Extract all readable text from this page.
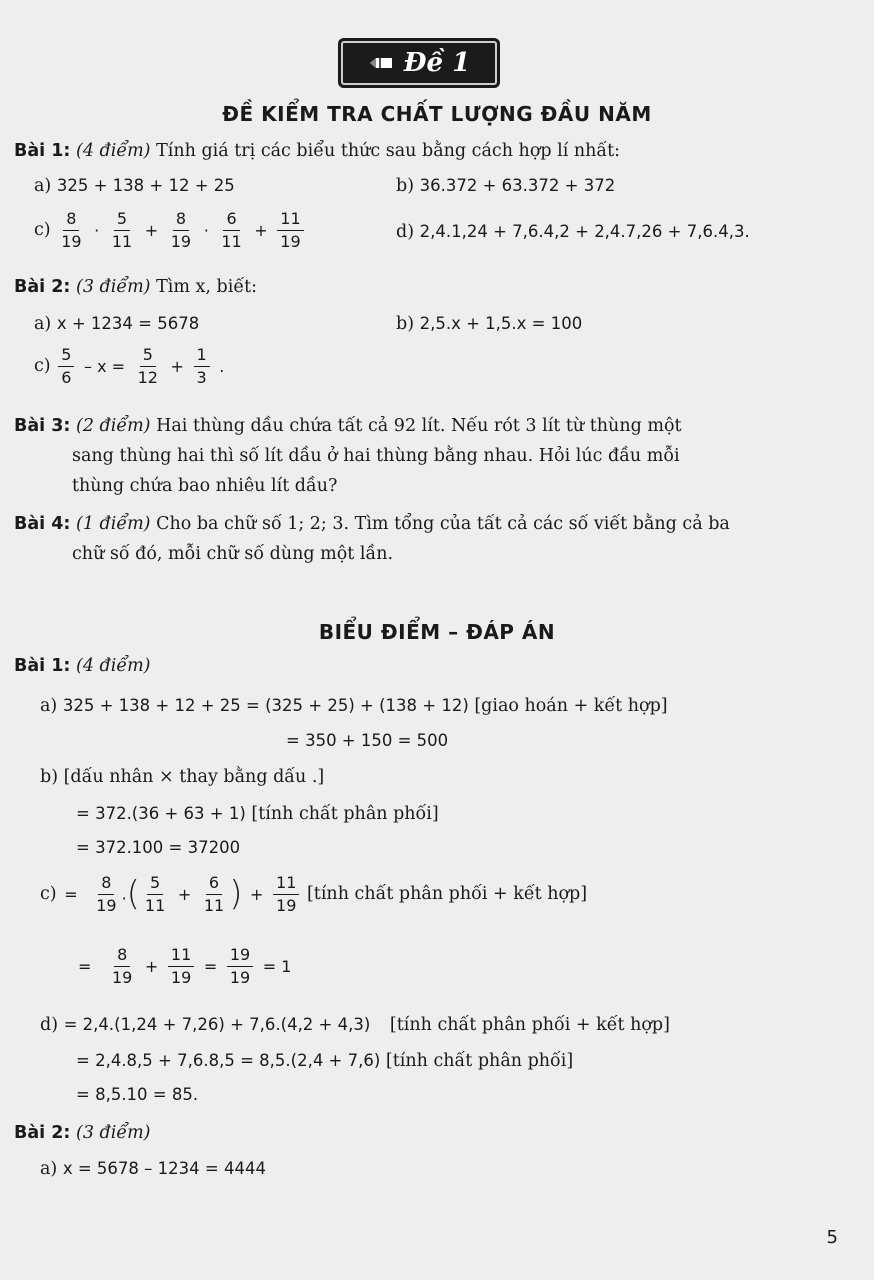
Đề 1
ĐỀ KIỂM TRA CHẤT LƯỢNG ĐẦU NĂM
Bài 1: (4 điểm) Tính giá trị các biểu thức sau bằng cách hợp lí nhất:
a) 325 + 138 + 12 + 25	b) 36.372 + 63.372 + 372
$c) \frac{8}{19} \cdot \frac{5}{11} + \frac{8}{19} \cdot \frac{6}{11} + \frac{11}{19}$	d) 2,4.1,24 + 7,6.4,2 + 2,4.7,26 + 7,6.4,3.
Bài 2: (3 điểm) Tìm x, biết:
a) x + 1234 = 5678	b) 2,5.x + 1,5.x = 100
$c) \frac{5}{6} - x = \frac{5}{12} + \frac{1}{3}$ .
Bài 3: (2 điểm) Hai thùng dầu chứa tất cả 92 lít. Nếu rót 3 lít từ thùng một
sang thùng hai thì số lít dầu ở hai thùng bằng nhau. Hỏi lúc đầu mỗi
thùng chứa bao nhiêu lít dầu?
Bài 4: (1 điểm) Cho ba chữ số 1; 2; 3. Tìm tổng của tất cả các số viết bằng cả ba
chữ số đó, mỗi chữ số dùng một lần.
BIỂU ĐIỂM – ĐÁP ÁN
Bài 1: (4 điểm)
a) 325 + 138 + 12 + 25 = (325 + 25) + (138 + 12) [giao hoán + kết hợp]
= 350 + 150 = 500
b) [dấu nhân × thay bằng dấu .]
= 372.(36 + 63 + 1) [tính chất phân phối]
= 372.100 = 37200
$c) = \frac{8}{19}$ .( $\frac{5}{11} + \frac{6}{11}$ ) + $\frac{11}{19}$ [tính chất phân phối + kết hợp]
= $\frac{8}{19} + \frac{11}{19} = \frac{19}{19} = 1$
d) = 2,4.(1,24 + 7,26) + 7,6.(4,2 + 4,3) [tính chất phân phối + kết hợp]
= 2,4.8,5 + 7,6.8,5 = 8,5.(2,4 + 7,6) [tính chất phân phối]
= 8,5.10 = 85.
Bài 2: (3 điểm)
a) x = 5678 – 1234 = 4444
5
